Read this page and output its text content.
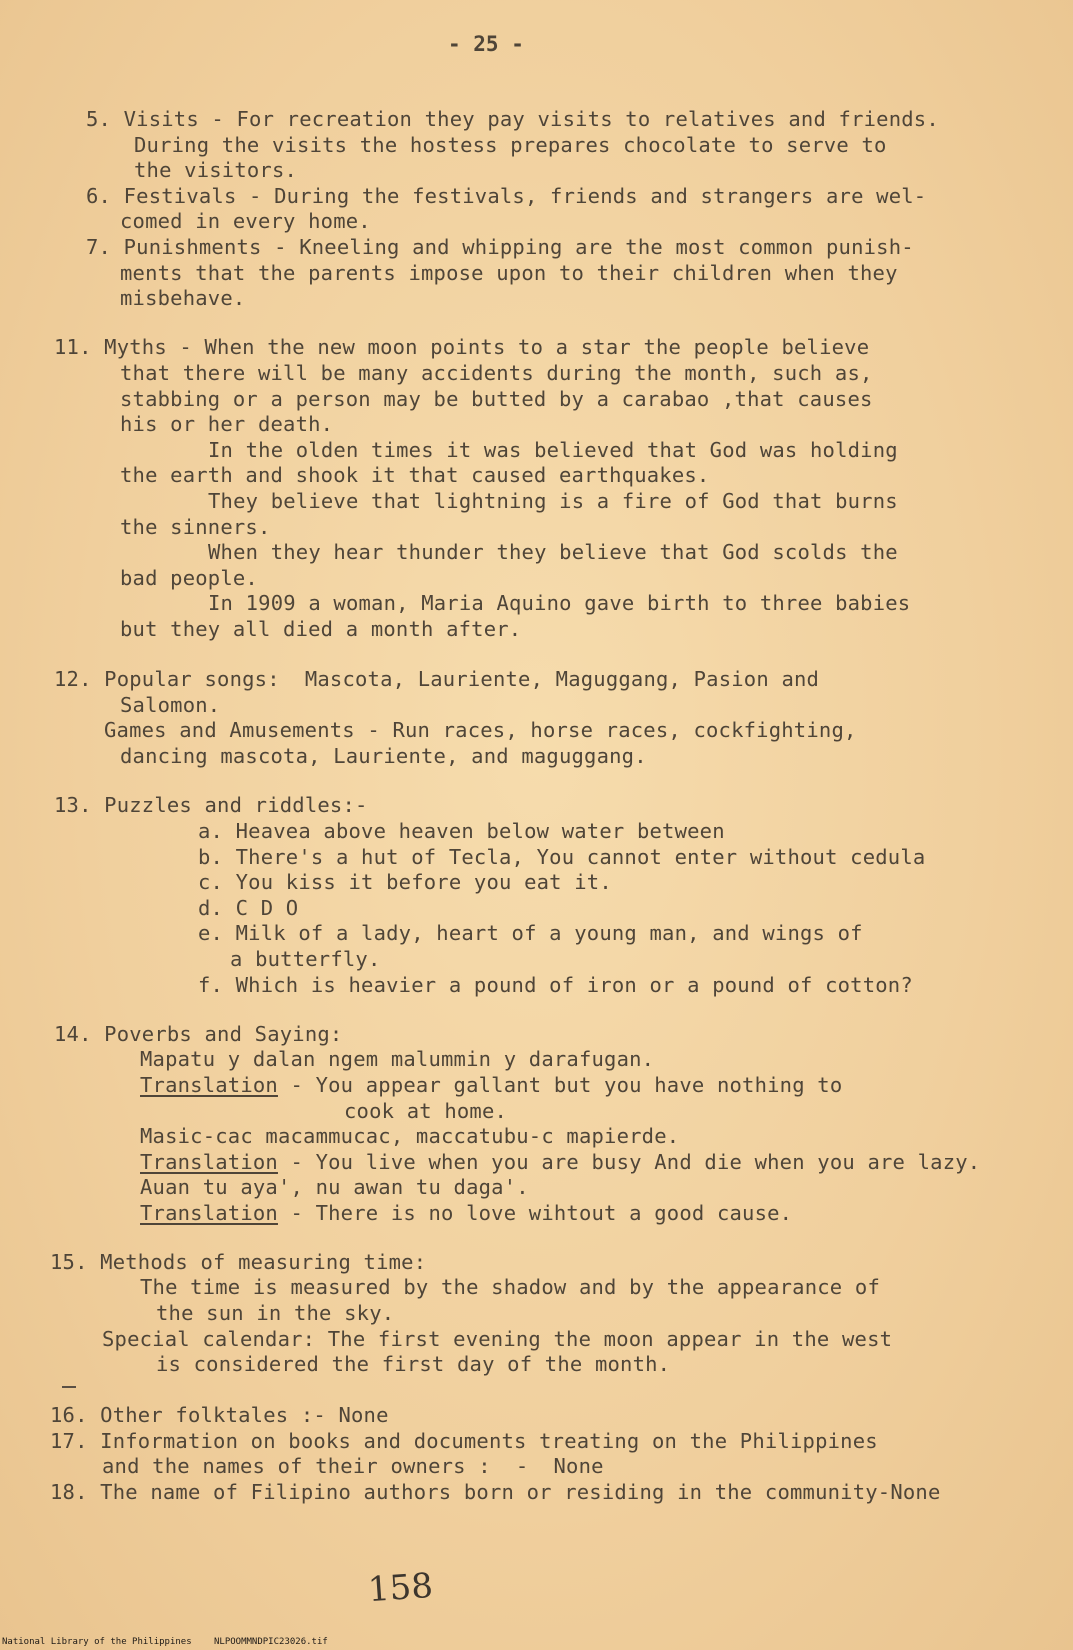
- 25 -
5. Visits - For recreation they pay visits to relatives and friends.
During the visits the hostess prepares chocolate to serve to
the visitors.
6. Festivals - During the festivals, friends and strangers are wel-
comed in every home.
7. Punishments - Kneeling and whipping are the most common punish-
ments that the parents impose upon to their children when they
misbehave.
11. Myths - When the new moon points to a star the people believe
that there will be many accidents during the month, such as,
stabbing or a person may be butted by a carabao ,that causes
his or her death.
In the olden times it was believed that God was holding
the earth and shook it that caused earthquakes.
They believe that lightning is a fire of God that burns
the sinners.
When they hear thunder they believe that God scolds the
bad people.
In 1909 a woman, Maria Aquino gave birth to three babies
but they all died a month after.
12. Popular songs:  Mascota, Lauriente, Maguggang, Pasion and
Salomon.
Games and Amusements - Run races, horse races, cockfighting,
dancing mascota, Lauriente, and maguggang.
13. Puzzles and riddles:-
a. Heavea above heaven below water between
b. There's a hut of Tecla, You cannot enter without cedula
c. You kiss it before you eat it.
d. C D O
e. Milk of a lady, heart of a young man, and wings of
a butterfly.
f. Which is heavier a pound of iron or a pound of cotton?
14. Poverbs and Saying:
Mapatu y dalan ngem malummin y darafugan.
Translation - You appear gallant but you have nothing to
cook at home.
Masic-cac macammucac, maccatubu-c mapierde.
Translation - You live when you are busy And die when you are lazy.
Auan tu aya', nu awan tu daga'.
Translation - There is no love wihtout a good cause.
15. Methods of measuring time:
The time is measured by the shadow and by the appearance of
the sun in the sky.
Special calendar: The first evening the moon appear in the west
is considered the first day of the month.
16. Other folktales :- None
17. Information on books and documents treating on the Philippines
and the names of their owners :  -  None
18. The name of Filipino authors born or residing in the community-None
158
National Library of the Philippines NLPOOMMNDPIC23026.tif
